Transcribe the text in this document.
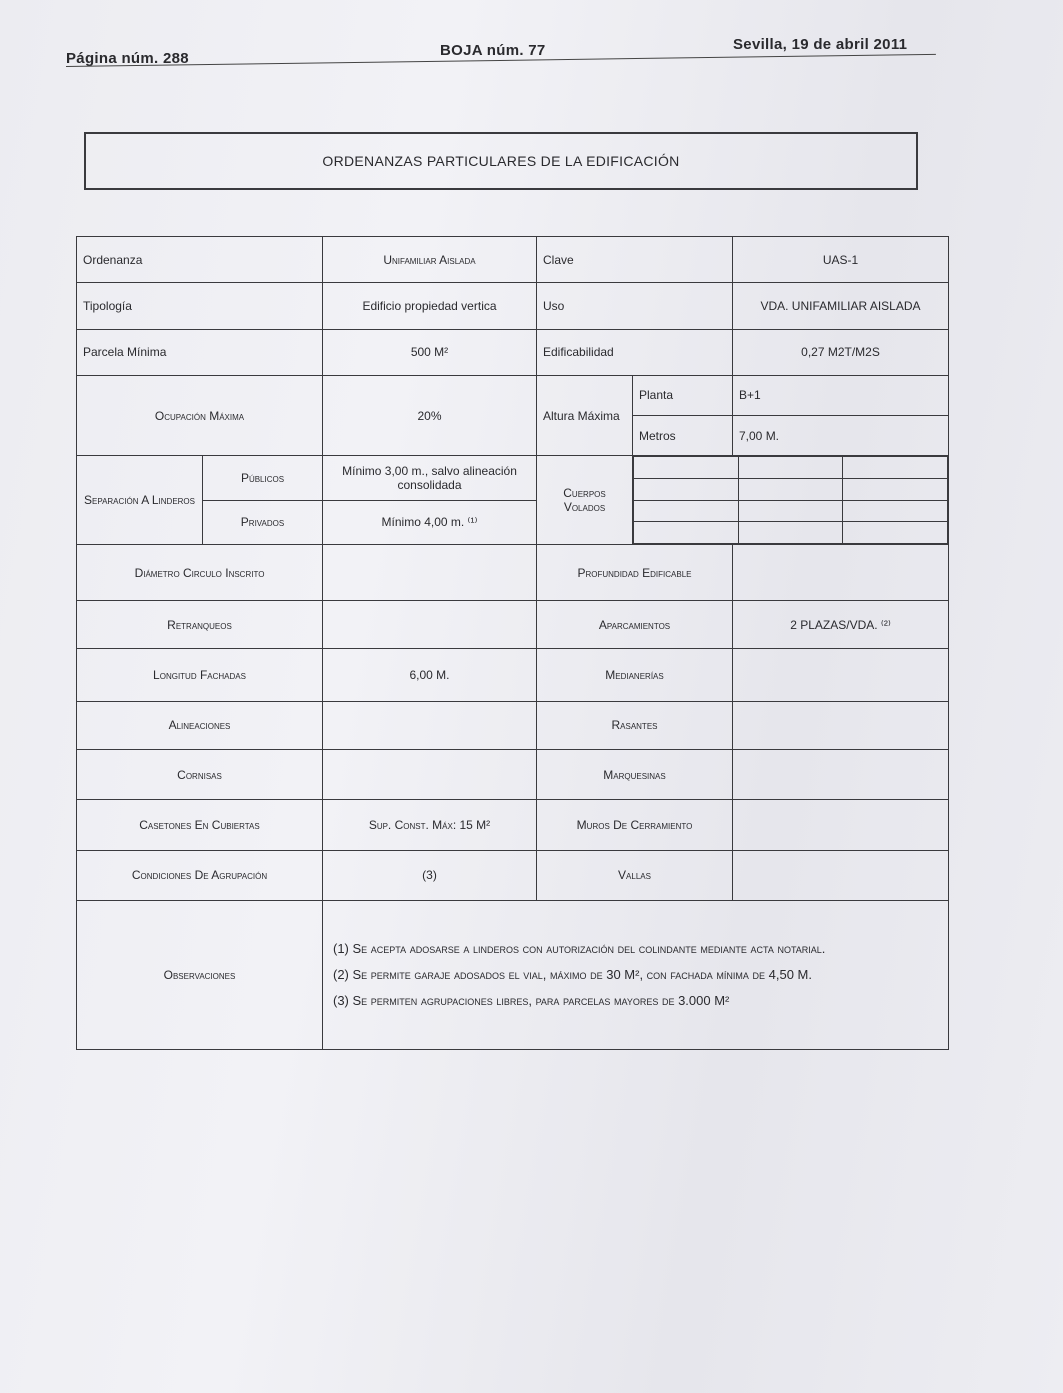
Página núm. 288	BOJA núm. 77	Sevilla, 19 de abril 2011
ORDENANZAS PARTICULARES DE LA EDIFICACIÓN
Ordenanza	Unifamiliar Aislada	Clave	UAS-1
Tipología	Edificio propiedad vertica	Uso	VDA. UNIFAMILIAR AISLADA
Parcela Mínima	500 M²	Edificabilidad	0,27 M2T/M2S
Ocupación Máxima	20%	Altura Máxima	Planta	B+1
Metros	7,00 M.
Separación A Linderos	Públicos	Mínimo 3,00 m., salvo alineación consolidada	Cuerpos Volados	

Privados	Mínimo 4,00 m. ⁽¹⁾
Diámetro Circulo Inscrito		Profundidad Edificable	
Retranqueos		Aparcamientos	2 PLAZAS/VDA. ⁽²⁾
Longitud Fachadas	6,00 M.	Medianerías	
Alineaciones		Rasantes	
Cornisas		Marquesinas	
Casetones En Cubiertas	Sup. Const. Máx: 15 M²	Muros De Cerramiento	
Condiciones De Agrupación	(3)	Vallas	
Observaciones	
(1) Se acepta adosarse a linderos con autorización del colindante mediante acta notarial.
(2) Se permite garaje adosados el vial, máximo de 30 M², con fachada mínima de 4,50 M.
(3) Se permiten agrupaciones libres, para parcelas mayores de 3.000 M²
